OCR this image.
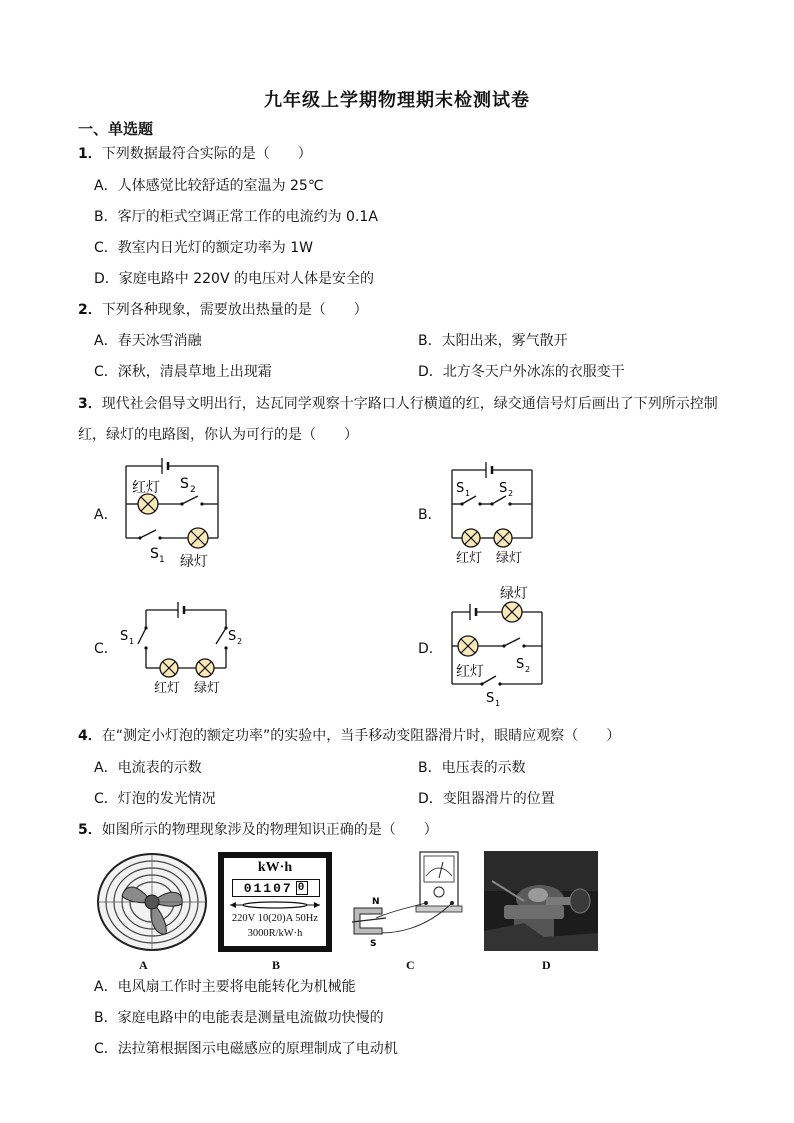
九年级上学期物理期末检测试卷
一、单选题
1．下列数据最符合实际的是（　　）
A．人体感觉比较舒适的室温为 25℃
B．客厅的柜式空调正常工作的电流约为 0.1A
C．教室内日光灯的额定功率为 1W
D．家庭电路中 220V 的电压对人体是安全的
2．下列各种现象，需要放出热量的是（　　）
A．春天冰雪消融	B．太阳出来，雾气散开
C．深秋，清晨草地上出现霜	D．北方冬天户外冰冻的衣服变干
3．现代社会倡导文明出行，达瓦同学观察十字路口人行横道的红，绿交通信号灯后画出了下列所示控制
红，绿灯的电路图，你认为可行的是（　　）
A．	B．
C．	D．
红灯 S 2
S 1 绿灯
S 1 S 2
红灯 绿灯
S 1	S 2
红灯 绿灯
绿灯
红灯 S 2
S 1
4．在“测定小灯泡的额定功率”的实验中，当手移动变阻器滑片时，眼睛应观察（　　）
A．电流表的示数	B．电压表的示数
C．灯泡的发光情况	D．变阻器滑片的位置
5．如图所示的物理现象涉及的物理知识正确的是（　　）
A
kW·h
01107 0
220V 10(20)A 50Hz
3000R/kW·h
B
N
S
C	D
A．电风扇工作时主要将电能转化为机械能
B．家庭电路中的电能表是测量电流做功快慢的
C．法拉第根据图示电磁感应的原理制成了电动机
